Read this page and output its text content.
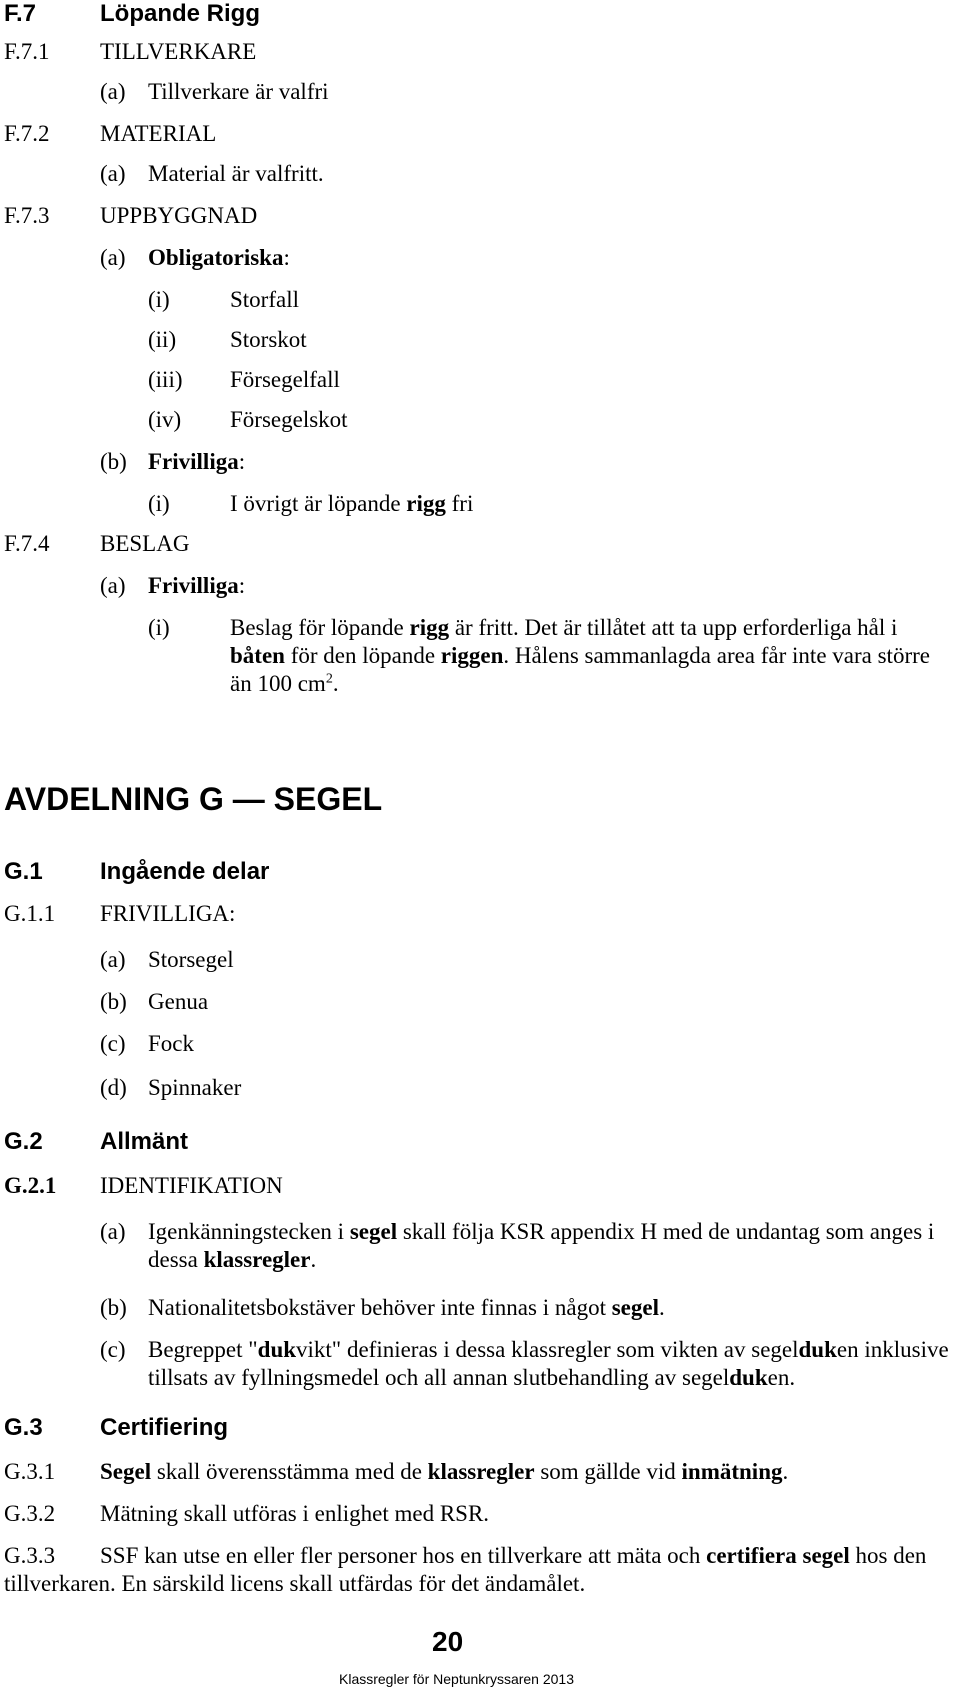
F.7	Löpande Rigg
F.7.1 TILLVERKARE
(a) Tillverkare är valfri
F.7.2 MATERIAL
(a) Material är valfritt.
F.7.3 UPPBYGGNAD
(a) Obligatoriska:
(i)	Storfall
(ii) Storskot
(iii) Försegelfall
(iv) Försegelskot
(b) Frivilliga:
(i)	I övrigt är löpande rigg fri
F.7.4 BESLAG
(a) Frivilliga:
(i)	Beslag för löpande rigg är fritt. Det är tillåtet att ta upp erforderliga hål i båten för den löpande riggen. Hålens sammanlagda area får inte vara större än 100 $cm^2$.
AVDELNING G — SEGEL
G.1 Ingående delar
G.1.1 FRIVILLIGA:
(a) Storsegel
(b) Genua
(c) Fock
(d) Spinnaker
G.2 Allmänt
G.2.1 IDENTIFIKATION
(a) Igenkänningstecken i segel skall följa KSR appendix H med de undantag som anges i dessa klassregler.
(b) Nationalitetsbokstäver behöver inte finnas i något segel.
(c) Begreppet "dukvikt" definieras i dessa klassregler som vikten av segelduken inklusive tillsats av fyllningsmedel och all annan slutbehandling av segelduken.
G.3 Certifiering
G.3.1 Segel skall överensstämma med de klassregler som gällde vid inmätning.
G.3.2 Mätning skall utföras i enlighet med RSR.
G.3.3	SSF kan utse en eller fler personer hos en tillverkare att mäta och certifiera segel hos den tillverkaren. En särskild licens skall utfärdas för det ändamålet.
20
Klassregler för Neptunkryssaren 2013
